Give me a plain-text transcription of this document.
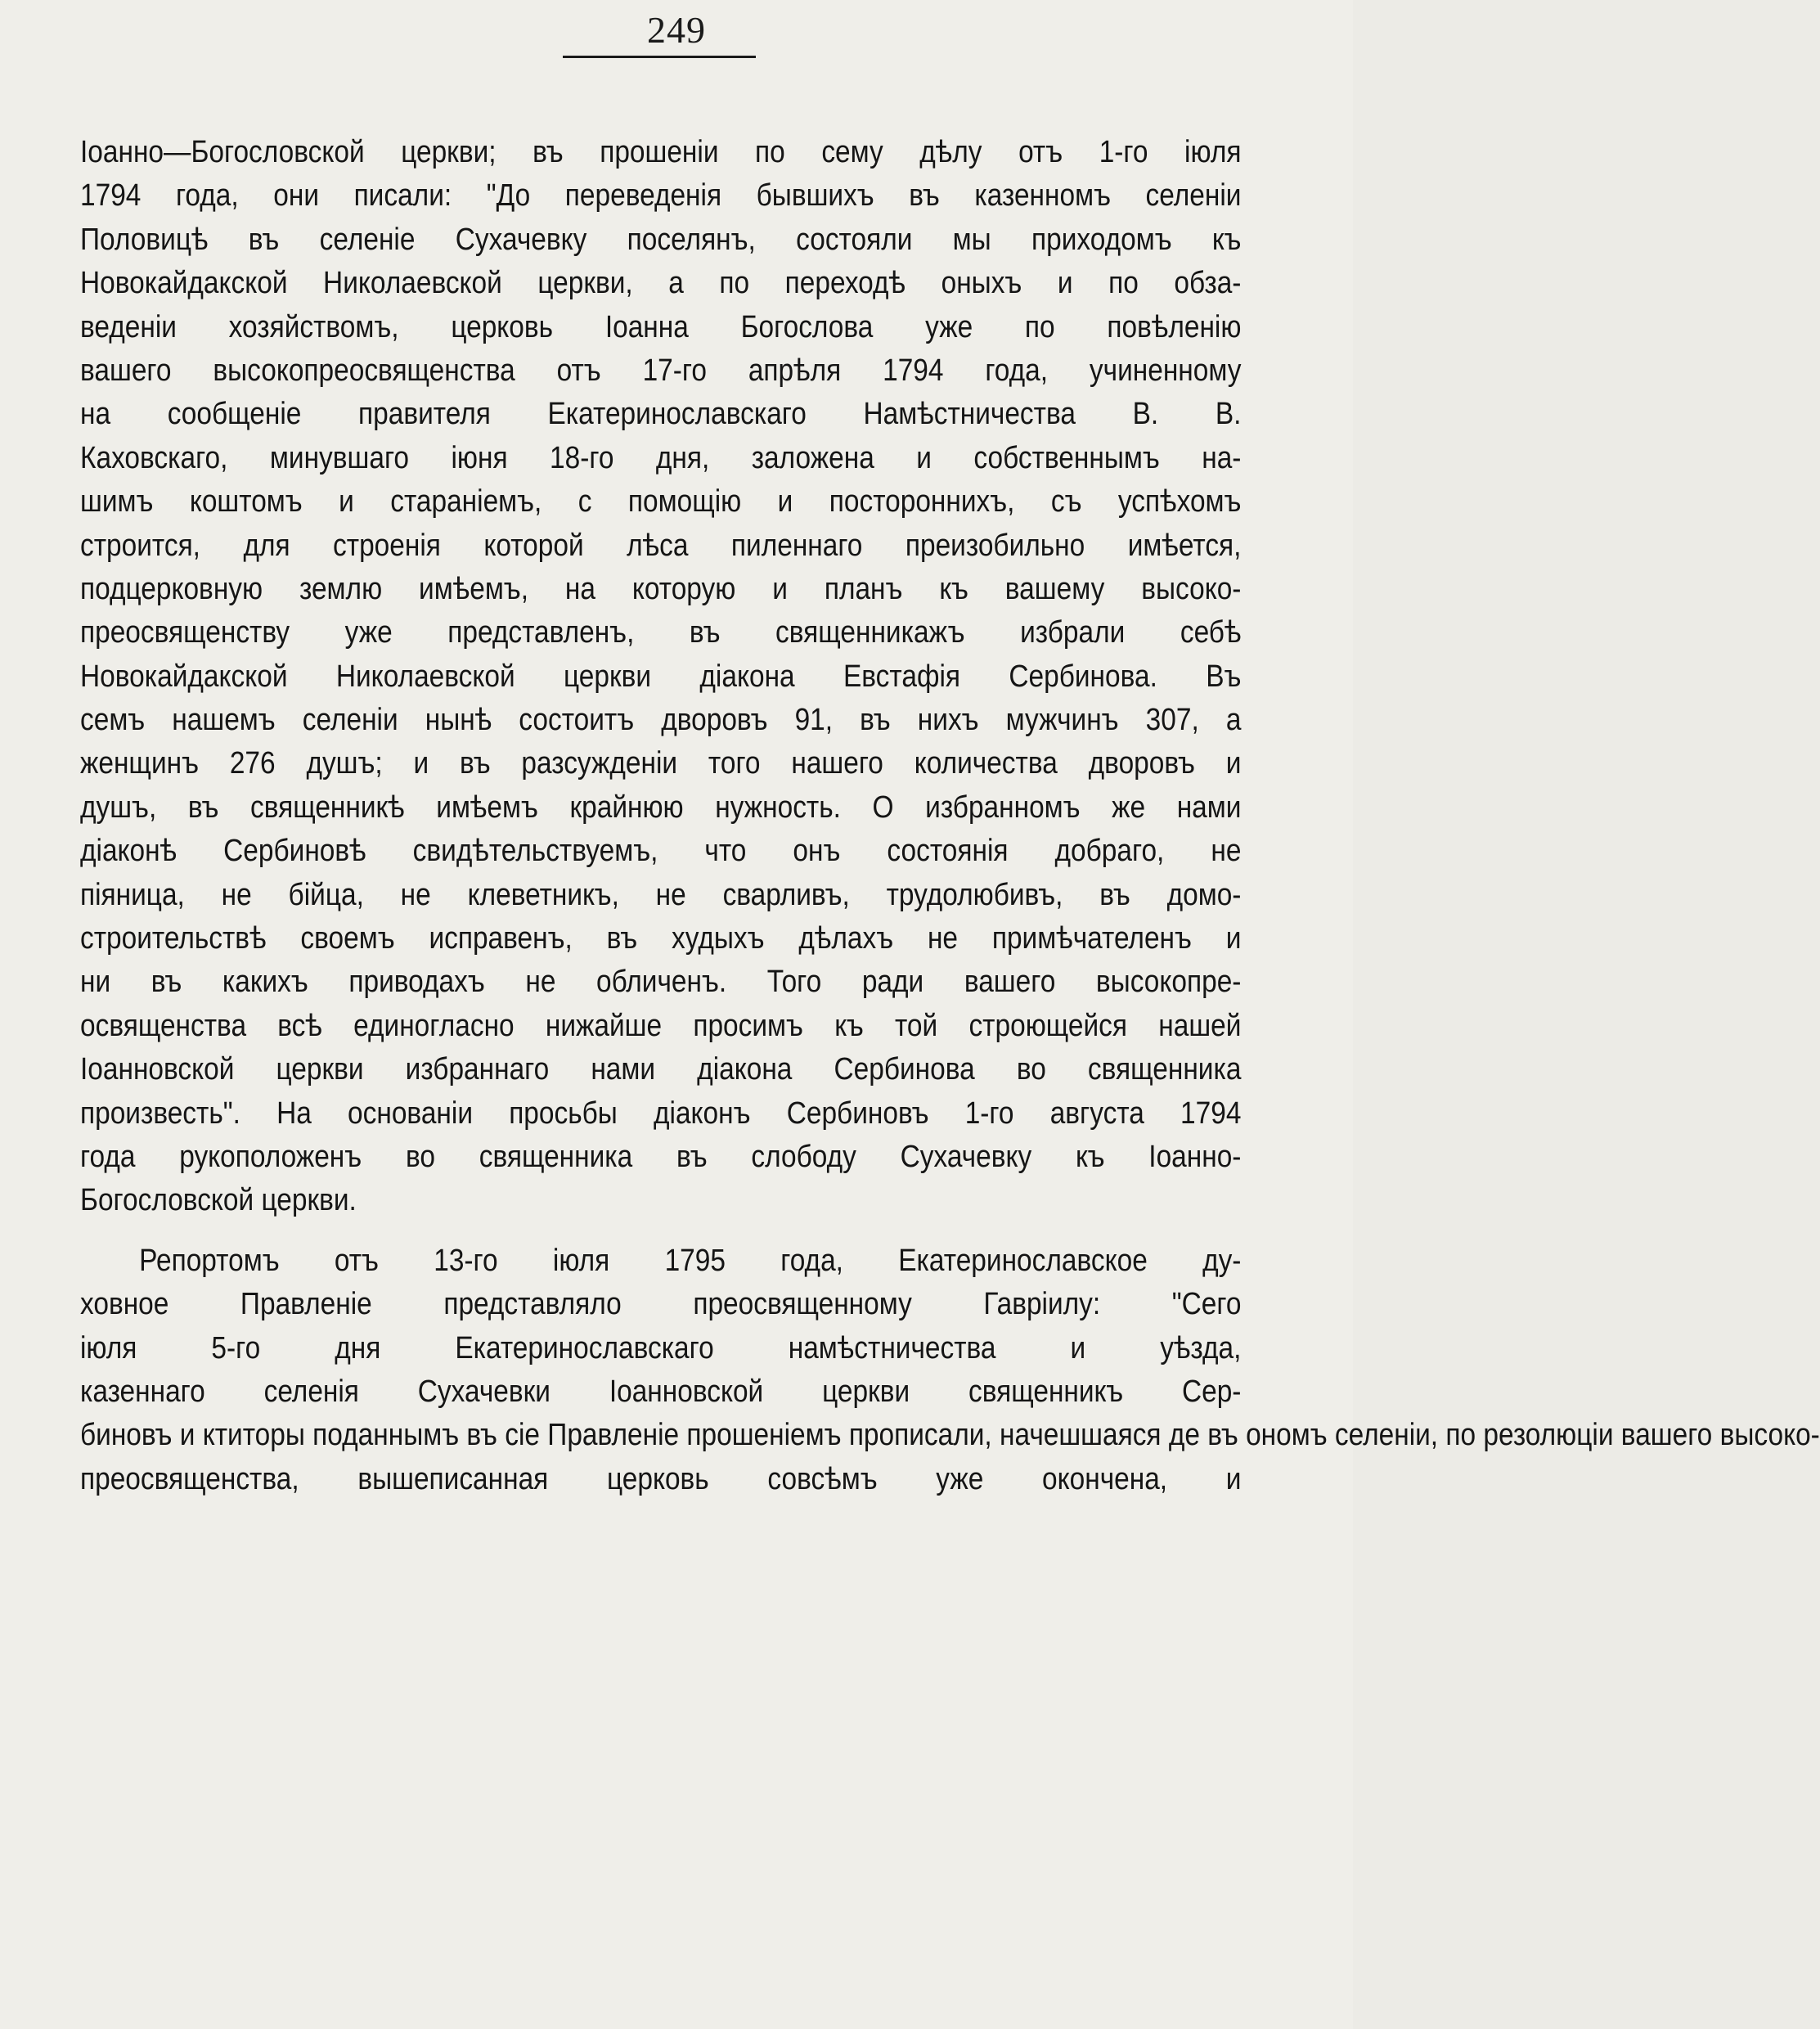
249
Іоанно—Богословской церкви; въ прошеніи по сему дѣлу отъ 1-го іюля
1794 года, они писали: "До переведенія бывшихъ въ казенномъ селеніи
Половицѣ въ селеніе Сухачевку поселянъ, состояли мы приходомъ къ
Новокайдакской Николаевской церкви, а по переходѣ оныхъ и по обза-
веденіи хозяйствомъ, церковь Іоанна Богослова уже по повѣленію
вашего высокопреосвященства отъ 17-го апрѣля 1794 года, учиненному
на сообщеніе правителя Екатеринославскаго Намѣстничества В. В.
Каховскаго, минувшаго іюня 18-го дня, заложена и собственнымъ на-
шимъ коштомъ и стараніемъ, с помощію и постороннихъ, съ успѣхомъ
строится, для строенія которой лѣса пиленнаго преизобильно имѣется,
подцерковную землю имѣемъ, на которую и планъ къ вашему высоко-
преосвященству уже представленъ, въ священникажъ избрали себѣ
Новокайдакской Николаевской церкви діакона Евстафія Сербинова. Въ
семъ нашемъ селеніи нынѣ состоитъ дворовъ 91, въ нихъ мужчинъ 307, а
женщинъ 276 душъ; и въ разсужденіи того нашего количества дворовъ и
душъ, въ священникѣ имѣемъ крайнюю нужность. О избранномъ же нами
діаконѣ Сербиновѣ свидѣтельствуемъ, что онъ состоянія добраго, не
піяница, не бійца, не клеветникъ, не сварливъ, трудолюбивъ, въ домо-
строительствѣ своемъ исправенъ, въ худыхъ дѣлахъ не примѣчателенъ и
ни въ какихъ приводахъ не обличенъ. Того ради вашего высокопре-
освященства всѣ единогласно нижайше просимъ къ той строющейся нашей
Іоанновской церкви избраннаго нами діакона Сербинова во священника
произвесть". На основаніи просьбы діаконъ Сербиновъ 1-го августа 1794
года рукоположенъ во священника въ слободу Сухачевку къ Іоанно-
Богословской церкви.
Репортомъ отъ 13-го іюля 1795 года, Екатеринославское ду-
ховное Правленіе представляло преосвященному Гавріилу: "Сего
іюля 5-го дня Екатеринославскаго намѣстничества и уѣзда,
казеннаго селенія Сухачевки Іоанновской церкви священникъ Сер-
биновъ и ктиторы поданнымъ въ сіе Правленіе прошеніемъ прописали, начешшаяся де въ ономъ селеніи, по резолюціи вашего высоко-
преосвященства, вышеписанная церковь совсѣмъ уже окончена, и
